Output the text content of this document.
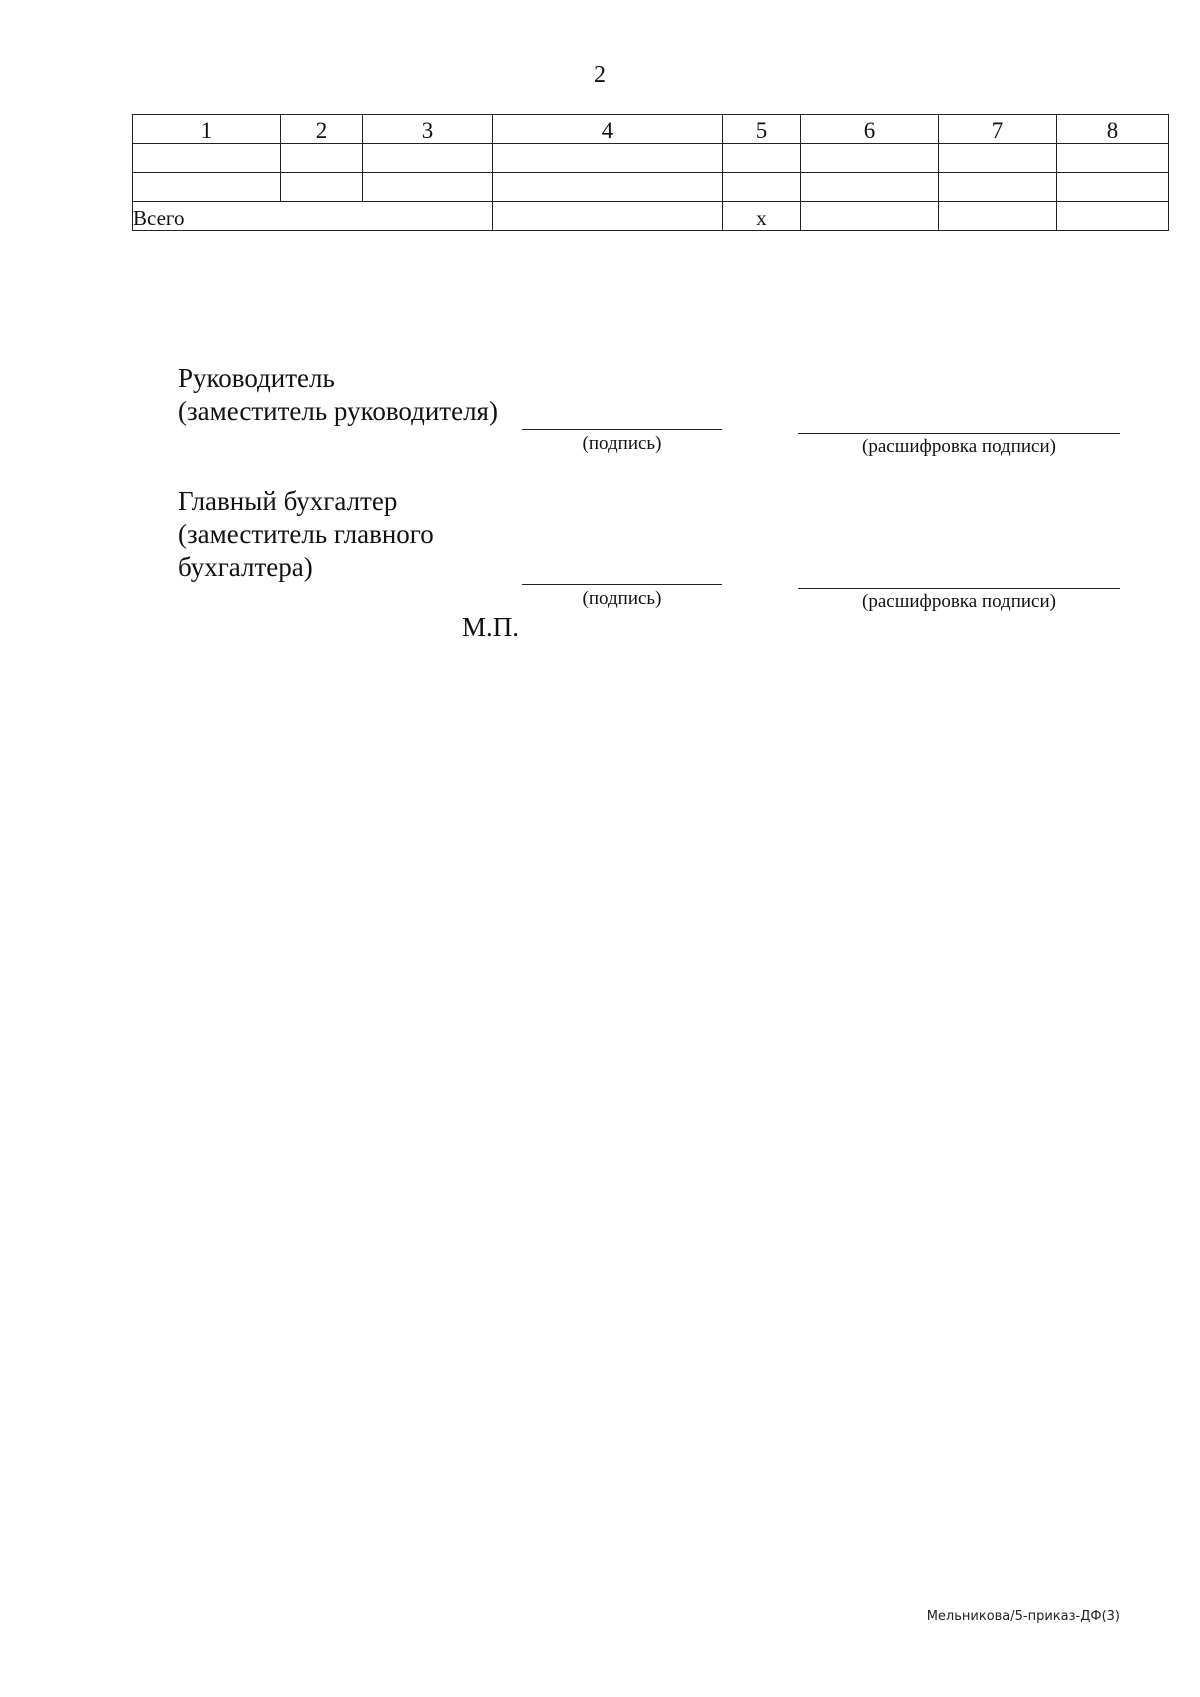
2
1	2	3	4	5	6	7	8

Всего				x			
Руководитель
(заместитель руководителя)
(подпись)	(расшифровка подписи)
Главный бухгалтер
(заместитель главного
бухгалтера)
(подпись)	(расшифровка подписи)
М.П.
Мельникова/5-приказ-ДФ(3)
